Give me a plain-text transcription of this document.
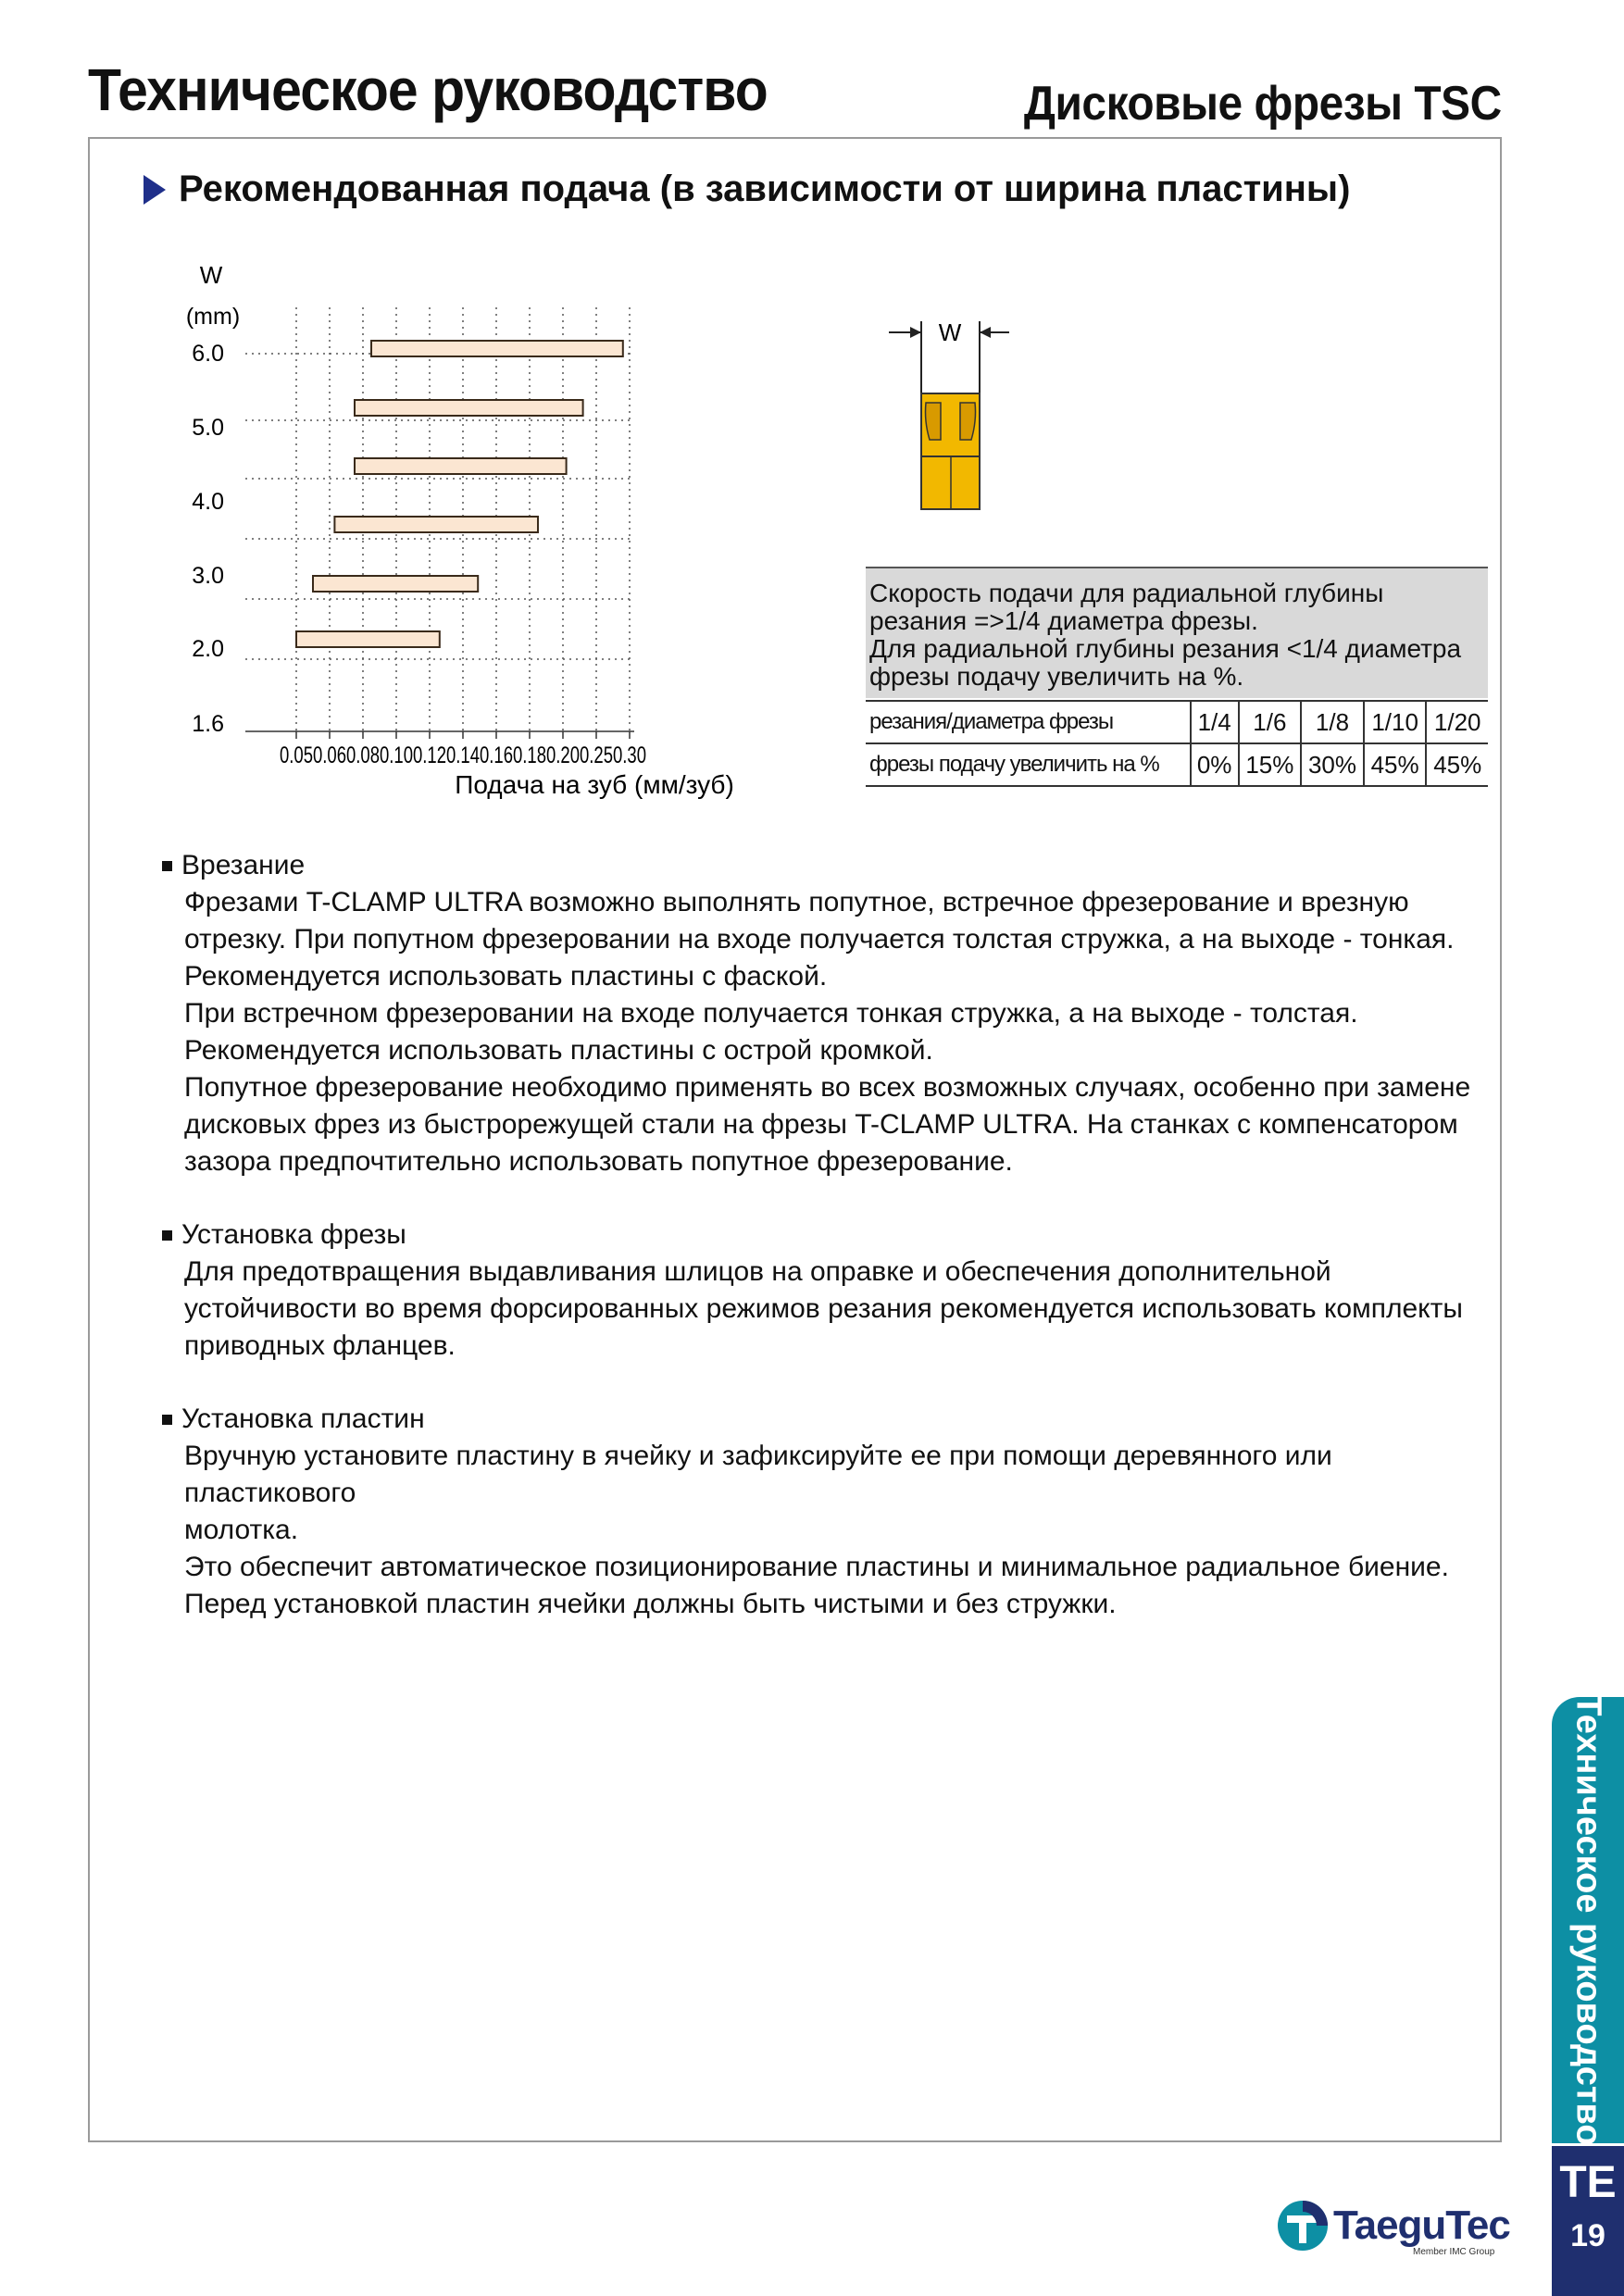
Техническое руководство	Дисковые фрезы TSC
Рекомендованная подача (в зависимости от ширина пластины)
W
(mm)
6.0
5.0
4.0
3.0
2.0
1.6
0.05 0.06 0.08 0.10 0.12 0.14 0.16 0.18 0.20 0.25 0.30
Подача на зуб (мм/зуб)
W
Скорость подачи для радиальной глубины
резания =>1/4 диаметра фрезы.
Для радиальной глубины резания <1/4 диаметра
фрезы подачу увеличить на %.
резания/диаметра фрезы	1/4	1/6	1/8	1/10	1/20
фрезы подачу увеличить на %	0%	15%	30%	45%	45%
Врезание
Фрезами T-CLAMP ULTRA возможно выполнять попутное, встречное фрезерование и врезную
отрезку. При попутном фрезеровании на входе получается толстая стружка, а на выходе - тонкая.
Рекомендуется использовать пластины с фаской.
При встречном фрезеровании на входе получается тонкая стружка, а на выходе - толстая.
Рекомендуется использовать пластины с острой кромкой.
Попутное фрезерование необходимо применять во всех возможных случаях, особенно при замене
дисковых фрез из быстрорежущей стали на фрезы T-CLAMP ULTRA. На станках с компенсатором
зазора предпочтительно использовать попутное фрезерование.
Установка фрезы
Для предотвращения выдавливания шлицов на оправке и обеспечения дополнительной
устойчивости во время форсированных режимов резания рекомендуется использовать комплекты
приводных фланцев.
Установка пластин
Вручную установите пластину в ячейку и зафиксируйте ее при помощи деревянного или пластикового
молотка.
Это обеспечит автоматическое позиционирование пластины и минимальное радиальное биение.
Перед установкой пластин ячейки должны быть чистыми и без стружки.
Техническое руководство
TE
19
TaeguTec
Member IMC Group
